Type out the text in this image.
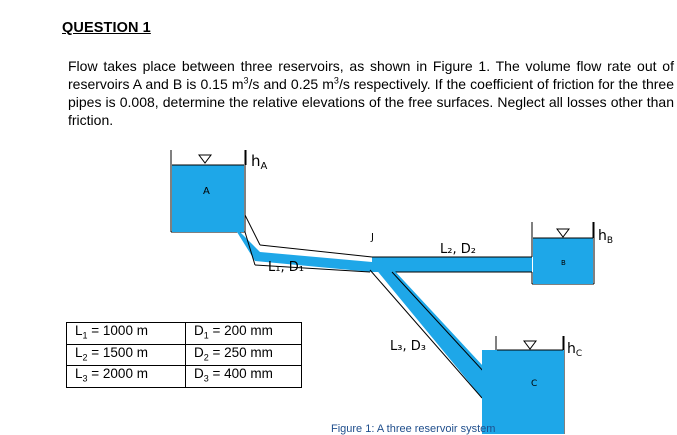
QUESTION 1
Flow takes place between three reservoirs, as shown in Figure 1. The volume flow rate out of reservoirs A and B is 0.15 $m^3/s$ and 0.25 $m^3/s$ respectively. If the coefficient of friction for the three pipes is 0.008, determine the relative elevations of the free surfaces. Neglect all losses other than friction.
$h_A$
A
$h_B$
B
$h_C$
C
J
L₁, D₁
L₂, D₂
L₃, D₃
$L_1 = 1000$ m	$D_1 = 200$ mm
$L_2 = 1500$ m	$D_2 = 250$ mm
$L_3 = 2000$ m	$D_3 = 400$ mm
Figure 1: A three reservoir system
